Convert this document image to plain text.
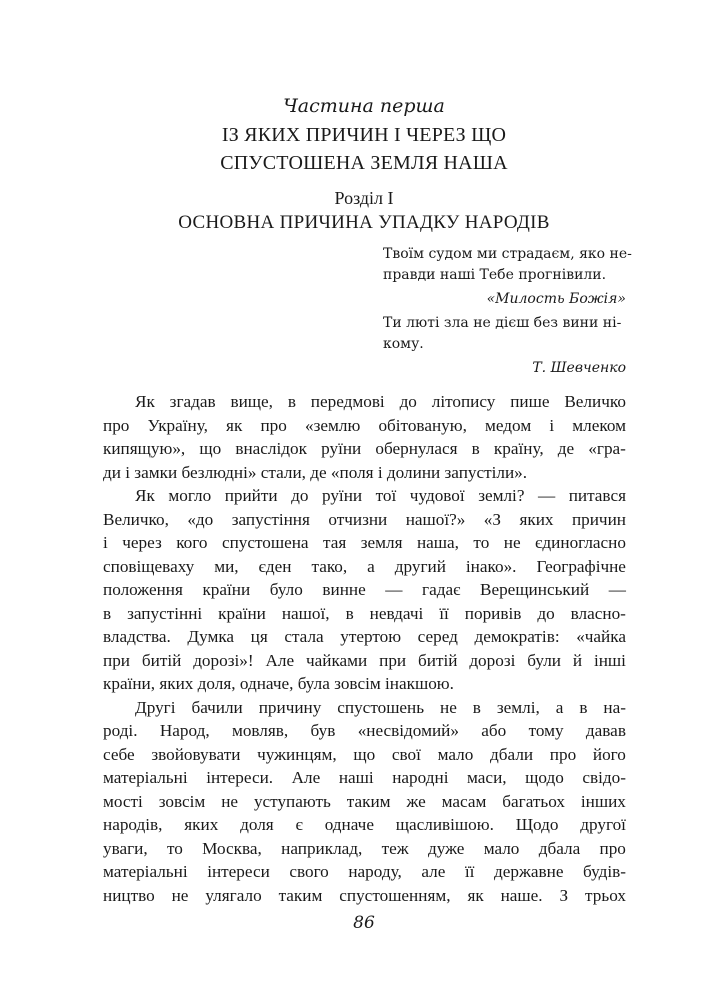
Частина перша
ІЗ ЯКИХ ПРИЧИН І ЧЕРЕЗ ЩО
СПУСТОШЕНА ЗЕМЛЯ НАША
Розділ І
ОСНОВНА ПРИЧИНА УПАДКУ НАРОДІВ
Твоїм судом ми страдаєм, яко не-
правди наші Тебе прогнівили.
«Милость Божія»
Ти люті зла не дієш без вини ні-
кому.
Т. Шевченко
Як згадав вище, в передмові до літопису пише Величко
про Україну, як про «землю обітованую, медом і млеком
кипящую», що внаслідок руїни обернулася в країну, де «гра-
ди і замки безлюдні» стали, де «поля і долини запустіли».
Як могло прийти до руїни тої чудової землі? — питався
Величко, «до запустіння отчизни нашої?» «З яких причин
і через кого спустошена тая земля наша, то не єдиногласно
сповіщеваху ми, єден тако, а другий інако». Географічне
положення країни було винне — гадає Верещинський —
в запустінні країни нашої, в невдачі її поривів до власно-
владства. Думка ця стала утертою серед демократів: «чайка
при битій дорозі»! Але чайками при битій дорозі були й інші
країни, яких доля, одначе, була зовсім інакшою.
Другі бачили причину спустошень не в землі, а в на-
роді. Народ, мовляв, був «несвідомий» або тому давав
себе звойовувати чужинцям, що свої мало дбали про його
матеріальні інтереси. Але наші народні маси, щодо свідо-
мості зовсім не уступають таким же масам багатьох інших
народів, яких доля є одначе щасливішою. Щодо другої
уваги, то Москва, наприклад, теж дуже мало дбала про
матеріальні інтереси свого народу, але її державне будів-
ництво не улягало таким спустошенням, як наше. З трьох
86
